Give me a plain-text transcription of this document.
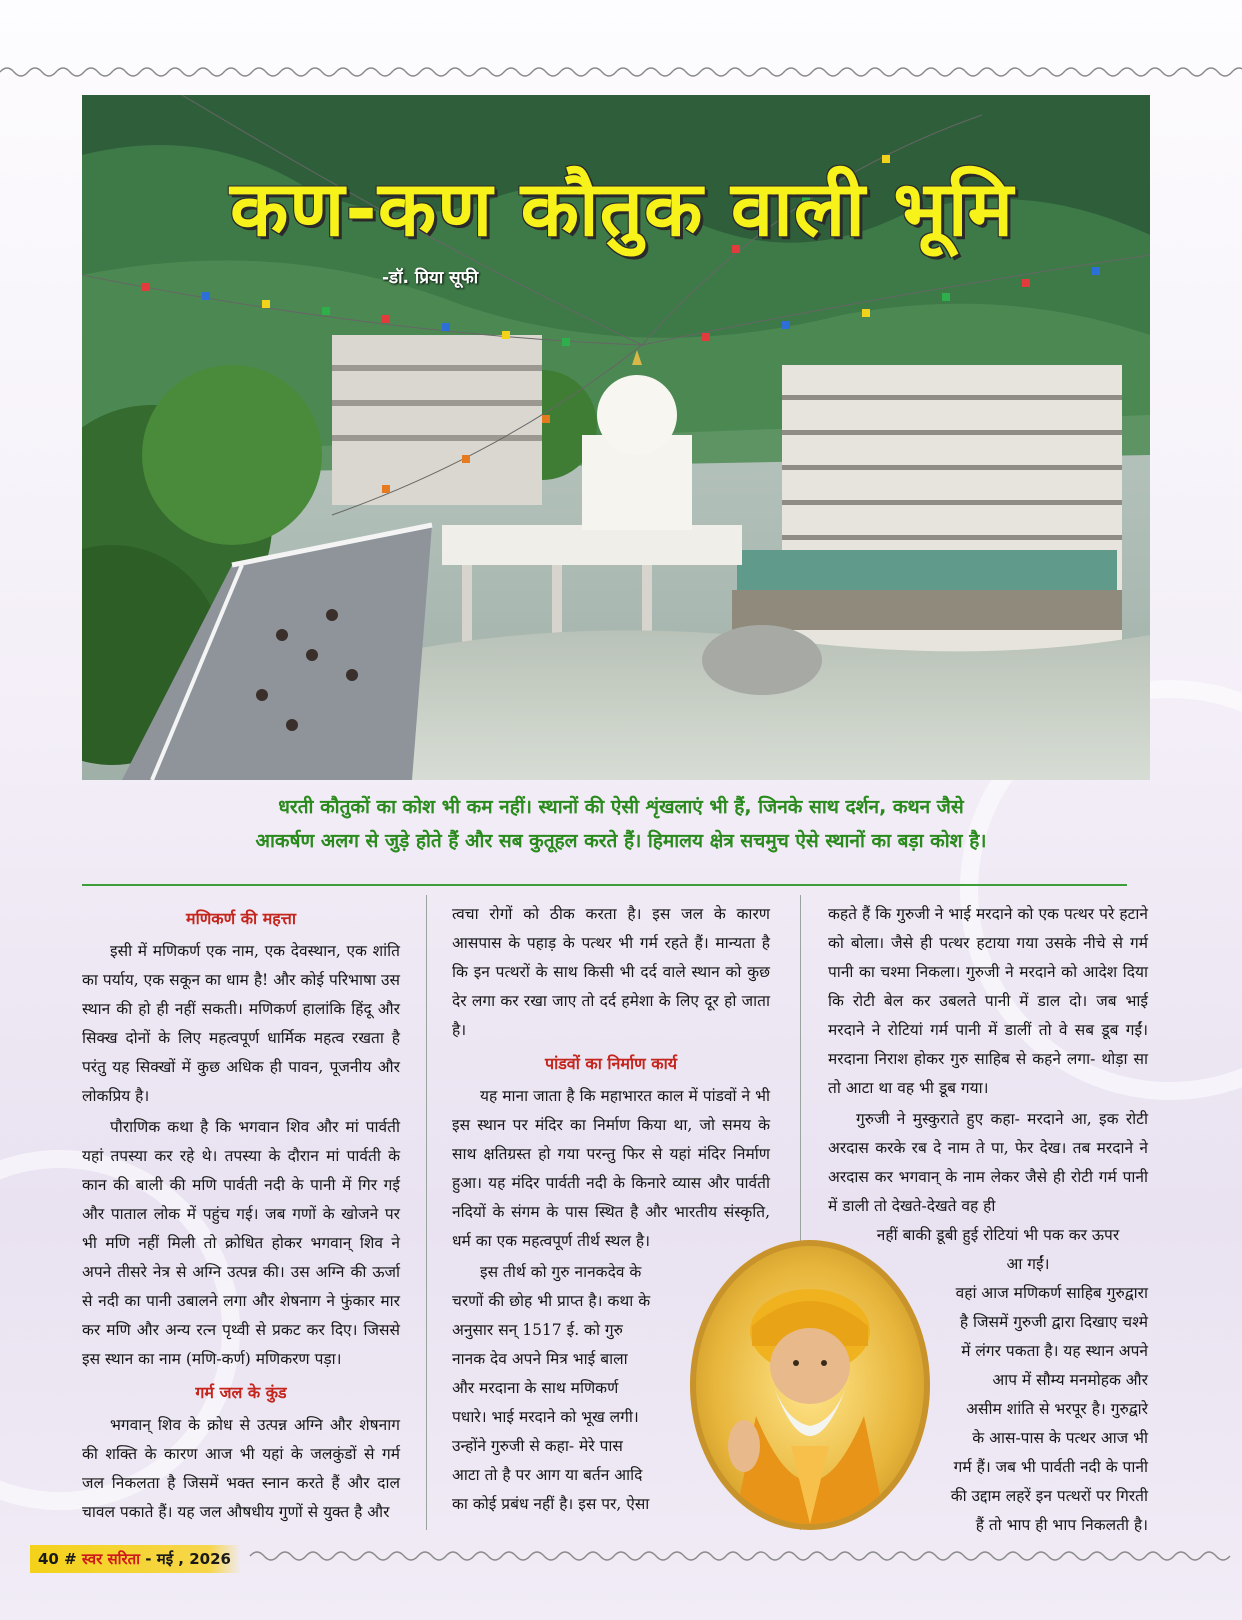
कण-कण कौतुक वाली भूमि
-डॉ. प्रिया सूफी
धरती कौतुकों का कोश भी कम नहीं। स्थानों की ऐसी शृंखलाएं भी हैं, जिनके साथ दर्शन, कथन जैसे
आकर्षण अलग से जुड़े होते हैं और सब कुतूहल करते हैं। हिमालय क्षेत्र सचमुच ऐसे स्थानों का बड़ा कोश है।
मणिकर्ण की महत्ता

इसी में मणिकर्ण एक नाम, एक देवस्थान, एक शांति का पर्याय, एक सकून का धाम है! और कोई परिभाषा उस स्थान की हो ही नहीं सकती। मणिकर्ण हालांकि हिंदू और सिक्ख दोनों के लिए महत्वपूर्ण धार्मिक महत्व रखता है परंतु यह सिक्खों में कुछ अधिक ही पावन, पूजनीय और लोकप्रिय है।

पौराणिक कथा है कि भगवान शिव और मां पार्वती यहां तपस्या कर रहे थे। तपस्या के दौरान मां पार्वती के कान की बाली की मणि पार्वती नदी के पानी में गिर गई और पाताल लोक में पहुंच गई। जब गणों के खोजने पर भी मणि नहीं मिली तो क्रोधित होकर भगवान् शिव ने अपने तीसरे नेत्र से अग्नि उत्पन्न की। उस अग्नि की ऊर्जा से नदी का पानी उबालने लगा और शेषनाग ने फुंकार मार कर मणि और अन्य रत्न पृथ्वी से प्रकट कर दिए। जिससे इस स्थान का नाम (मणि-कर्ण) मणिकरण पड़ा।

गर्म जल के कुंड

भगवान् शिव के क्रोध से उत्पन्न अग्नि और शेषनाग की शक्ति के कारण आज भी यहां के जलकुंडों से गर्म जल निकलता है जिसमें भक्त स्नान करते हैं और दाल चावल पकाते हैं। यह जल औषधीय गुणों से युक्त है और

त्वचा रोगों को ठीक करता है। इस जल के कारण आसपास के पहाड़ के पत्थर भी गर्म रहते हैं। मान्यता है कि इन पत्थरों के साथ किसी भी दर्द वाले स्थान को कुछ देर लगा कर रखा जाए तो दर्द हमेशा के लिए दूर हो जाता है।

पांडवों का निर्माण कार्य

यह माना जाता है कि महाभारत काल में पांडवों ने भी इस स्थान पर मंदिर का निर्माण किया था, जो समय के साथ क्षतिग्रस्त हो गया परन्तु फिर से यहां मंदिर निर्माण हुआ। यह मंदिर पार्वती नदी के किनारे व्यास और पार्वती नदियों के संगम के पास स्थित है और भारतीय संस्कृति, धर्म का एक महत्वपूर्ण तीर्थ स्थल है।

इस तीर्थ को गुरु नानकदेव के
चरणों की छोह भी प्राप्त है। कथा के
अनुसार सन् 1517 ई. को गुरु
नानक देव अपने मित्र भाई बाला
और मरदाना के साथ मणिकर्ण
पधारे। भाई मरदाने को भूख लगी।
उन्होंने गुरुजी से कहा- मेरे पास
आटा तो है पर आग या बर्तन आदि
का कोई प्रबंध नहीं है। इस पर, ऐसा

कहते हैं कि गुरुजी ने भाई मरदाने को एक पत्थर परे हटाने को बोला। जैसे ही पत्थर हटाया गया उसके नीचे से गर्म पानी का चश्मा निकला। गुरुजी ने मरदाने को आदेश दिया कि रोटी बेल कर उबलते पानी में डाल दो। जब भाई मरदाने ने रोटियां गर्म पानी में डालीं तो वे सब डूब गईं। मरदाना निराश होकर गुरु साहिब से कहने लगा- थोड़ा सा तो आटा था वह भी डूब गया।

गुरुजी ने मुस्कुराते हुए कहा- मरदाने आ, इक रोटी अरदास करके रब दे नाम ते पा, फेर देख। तब मरदाने ने अरदास कर भगवान् के नाम लेकर जैसे ही रोटी गर्म पानी में डाली तो देखते-देखते वह ही

नहीं बाकी डूबी हुई रोटियां भी पक कर ऊपर
आ गईं।
वहां आज मणिकर्ण साहिब गुरुद्वारा
है जिसमें गुरुजी द्वारा दिखाए चश्मे
में लंगर पकता है। यह स्थान अपने
आप में सौम्य मनमोहक और
असीम शांति से भरपूर है। गुरुद्वारे
के आस-पास के पत्थर आज भी
गर्म हैं। जब भी पार्वती नदी के पानी
की उद्दाम लहरें इन पत्थरों पर गिरती
हैं तो भाप ही भाप निकलती है।
40 # स्वर सरिता - मई , 2026
